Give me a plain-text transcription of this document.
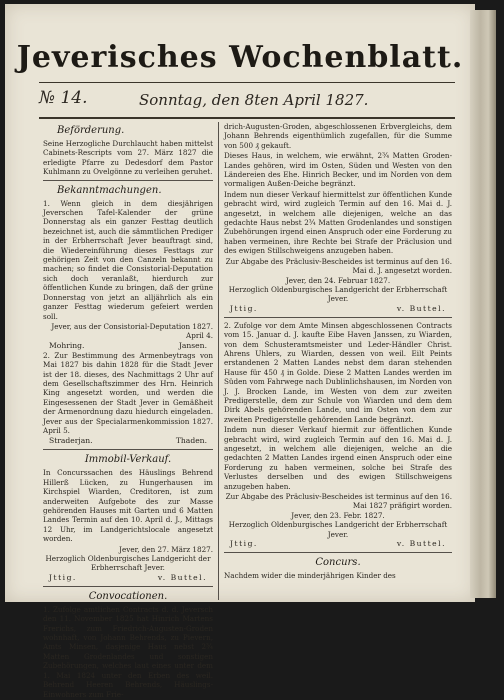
Jeverisches Wochenblatt.
№ 14.	Sonntag, den 8ten April 1827.
Beförderung.

Seine Herzogliche Durchlaucht haben mittelst Cabinets-Rescripts vom 27. März 1827 die erledigte Pfarre zu Dedesdorf dem Pastor Kuhlmann zu Ovelgönne zu verleihen geruhet.

Bekanntmachungen.

1. Wenn gleich in dem diesjährigen Jeverschen Tafel-Kalender der grüne Donnerstag als ein ganzer Festtag deutlich bezeichnet ist, auch die sämmtlichen Prediger in der Erbherrschaft Jever beauftragt sind, die Wiedereinführung dieses Festtags zur gehörigen Zeit von den Canzeln bekannt zu machen; so findet die Consistorial-Deputation sich doch veranlaßt, hierdurch zur öffentlichen Kunde zu bringen, daß der grüne Donnerstag von jetzt an alljährlich als ein ganzer Festtag wiederum gefeiert werden soll.

Jever, aus der Consistorial-Deputation 1827. April 4.
Mohring.	Jansen.

2. Zur Bestimmung des Armenbeytrags von Mai 1827 bis dahin 1828 für die Stadt Jever ist der 18. dieses, des Nachmittags 2 Uhr auf dem Gesellschaftszimmer des Hrn. Heinrich King angesetzt worden, und werden die Eingesessenen der Stadt Jever in Gemäßheit der Armenordnung dazu hiedurch eingeladen. Jever aus der Specialarmenkommission 1827. April 5.

Straderjan.	Thaden.
Immobil-Verkauf.

In Concurssachen des Häuslings Behrend Hillerß Lücken, zu Hungerhausen im Kirchspiel Wiarden, Creditoren, ist zum anderweiten Aufgebote des zur Masse gehörenden Hauses mit Garten und 6 Matten Landes Termin auf den 10. April d. J., Mittags 12 Uhr, im Landgerichtslocale angesetzt worden.

Jever, den 27. März 1827.
Herzoglich Oldenburgisches Landgericht der Erbherrschaft Jever.
Jttig.	v. Buttel.
Convocationen.

1. Zufolge amtlichen Contracts d. d. Jeversch den 11. November 1825 hat Hinrich Martens Frerichs, zum Friedrich-Augusten-Groden wohnhaft, von Johann Behrends, zu Pievern, Amts Minsen, dasjenige Haus nebst 2¾ Matten Grodenlandes und sonstigen Zubehörungen, welches laut eines unter dem 1. Mai 1824 unter den Erben des weil. Behrend Heeren Behrends, Häuslings-Einwohners zum Frie-

drich-Augusten-Groden, abgeschlossenen Erbvergleichs, dem Johann Behrends eigenthümlich zugefallen, für die Summe von 500 ₰ gekauft.

Dieses Haus, in welchem, wie erwähnt, 2¾ Matten Groden-Landes gehören, wird im Osten, Süden und Westen von den Ländereien des Ehe. Hinrich Becker, und im Norden von dem vormaligen Außen-Deiche begränzt.

Indem nun dieser Verkauf hiermittelst zur öffentlichen Kunde gebracht wird, wird zugleich Termin auf den 16. Mai d. J. angesetzt, in welchem alle diejenigen, welche an das gedachte Haus nebst 2¾ Matten Grodenlandes und sonstigen Zubehörungen irgend einen Anspruch oder eine Forderung zu haben vermeinen, ihre Rechte bei Strafe der Präclusion und des ewigen Stillschweigens anzugeben haben.

Zur Abgabe des Präclusiv-Bescheides ist terminus auf den 16. Mai d. J. angesetzt worden.
Jever, den 24. Februar 1827.
Herzoglich Oldenburgisches Landgericht der Erbherrschaft Jever.
Jttig.	v. Buttel.

2. Zufolge vor dem Amte Minsen abgeschlossenen Contracts vom 15. Januar d. J. kaufte Eibe Haven Janssen, zu Wiarden, von dem Schusteramtsmeister und Leder-Händler Christ. Ahrens Uhlers, zu Wiarden, dessen von weil. Eilt Peints erstandenen 2 Matten Landes nebst dem daran stehenden Hause für 450 ₰ in Golde. Diese 2 Matten Landes werden im Süden vom Fahrwege nach Dublinlichshausen, im Norden von J. J. Brocken Lande, im Westen von dem zur zweiten Predigerstelle, dem zur Schule von Wiarden und dem dem Dirk Abels gehörenden Lande, und im Osten von dem zur zweiten Predigerstelle gehörenden Lande begränzt.

Indem nun dieser Verkauf hiermit zur öffentlichen Kunde gebracht wird, wird zugleich Termin auf den 16. Mai d. J. angesetzt, in welchem alle diejenigen, welche an die gedachten 2 Matten Landes irgend einen Anspruch oder eine Forderung zu haben vermeinen, solche bei Strafe des Verlustes derselben und des ewigen Stillschweigens anzugeben haben.

Zur Abgabe des Präclusiv-Bescheides ist terminus auf den 16. Mai 1827 präfigirt worden.
Jever, den 23. Febr. 1827.
Herzoglich Oldenburgisches Landgericht der Erbherrschaft Jever.
Jttig.	v. Buttel.
Concurs.

Nachdem wider die minderjährigen Kinder des
